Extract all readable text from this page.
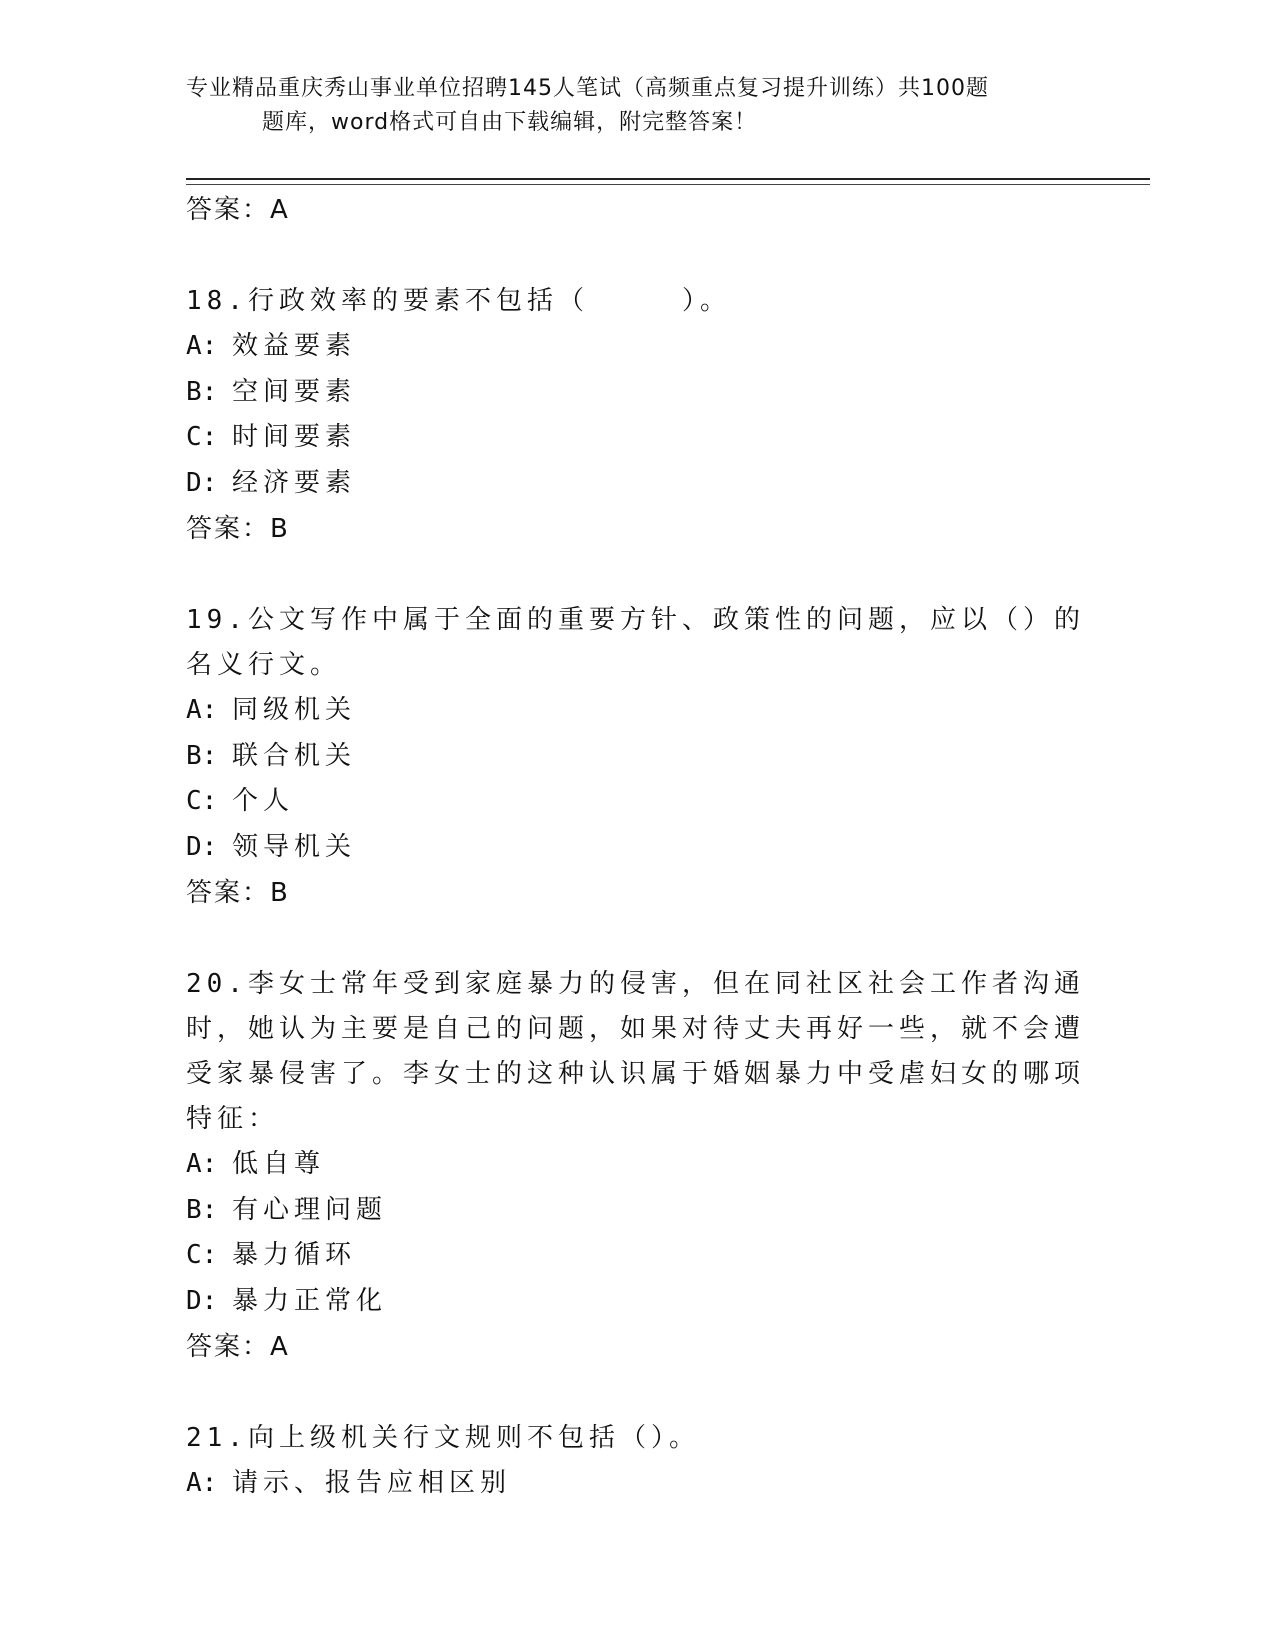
专业精品重庆秀山事业单位招聘145人笔试（高频重点复习提升训练）共100题
题库，word格式可自由下载编辑，附完整答案！
答案：A

18.行政效率的要素不包括（　　　）。

A: 效益要素
B: 空间要素
C: 时间要素
D: 经济要素
答案：B

19.公文写作中属于全面的重要方针、政策性的问题，应以（）的名义行文。

A: 同级机关
B: 联合机关
C: 个人
D: 领导机关
答案：B

20.李女士常年受到家庭暴力的侵害，但在同社区社会工作者沟通时，她认为主要是自己的问题，如果对待丈夫再好一些，就不会遭受家暴侵害了。李女士的这种认识属于婚姻暴力中受虐妇女的哪项特征：

A: 低自尊
B: 有心理问题
C: 暴力循环
D: 暴力正常化
答案：A

21.向上级机关行文规则不包括（）。

A: 请示、报告应相区别
